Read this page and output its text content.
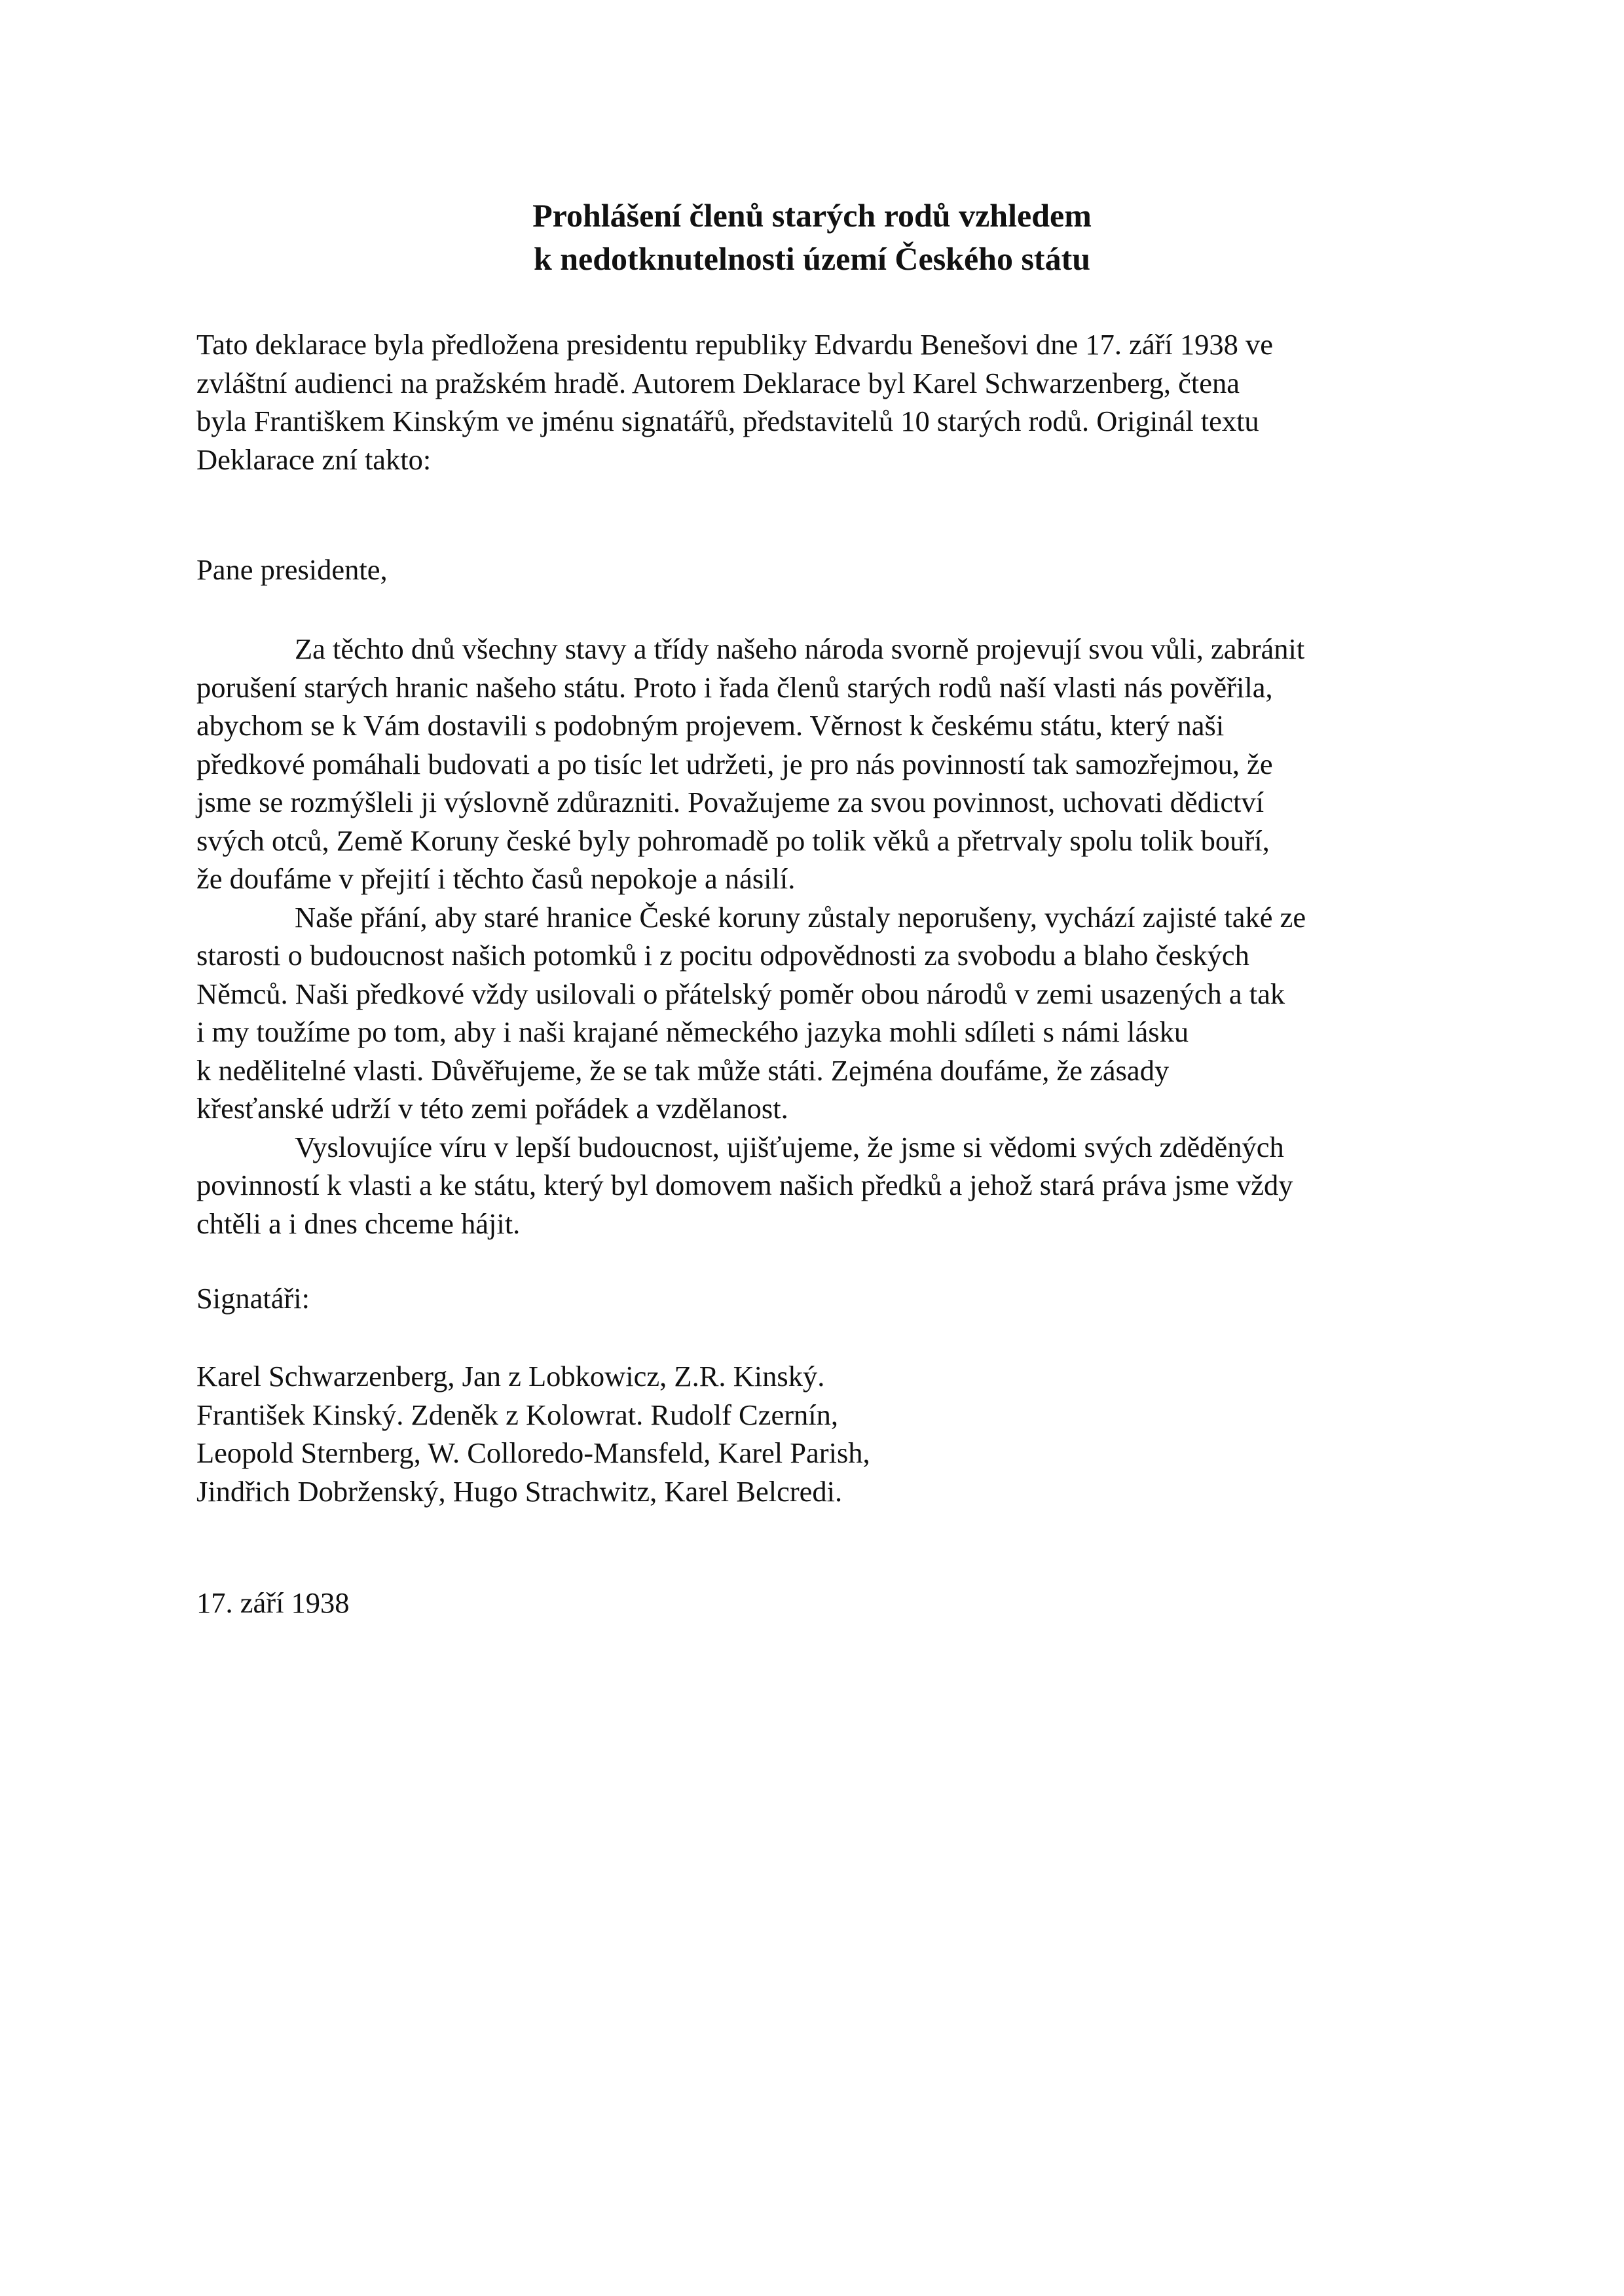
Prohlášení členů starých rodů vzhledem
k nedotknutelnosti území Českého státu
Tato deklarace byla předložena presidentu republiky Edvardu Benešovi dne 17. září 1938 ve
zvláštní audienci na pražském hradě. Autorem Deklarace byl Karel Schwarzenberg, čtena
byla Františkem Kinským ve jménu signatářů, představitelů 10 starých rodů. Originál textu
Deklarace zní takto:
Pane presidente,
Za těchto dnů všechny stavy a třídy našeho národa svorně projevují svou vůli, zabránit
porušení starých hranic našeho státu. Proto i řada členů starých rodů naší vlasti nás pověřila,
abychom se k Vám dostavili s podobným projevem. Věrnost k českému státu, který naši
předkové pomáhali budovati a po tisíc let udržeti, je pro nás povinností tak samozřejmou, že
jsme se rozmýšleli ji výslovně zdůrazniti. Považujeme za svou povinnost, uchovati dědictví
svých otců, Země Koruny české byly pohromadě po tolik věků a přetrvaly spolu tolik bouří,
že doufáme v přejití i těchto časů nepokoje a násilí.
Naše přání, aby staré hranice České koruny zůstaly neporušeny, vychází zajisté také ze
starosti o budoucnost našich potomků i z pocitu odpovědnosti za svobodu a blaho českých
Němců. Naši předkové vždy usilovali o přátelský poměr obou národů v zemi usazených a tak
i my toužíme po tom, aby i naši krajané německého jazyka mohli sdíleti s námi lásku
k nedělitelné vlasti. Důvěřujeme, že se tak může státi. Zejména doufáme, že zásady
křesťanské udrží v této zemi pořádek a vzdělanost.
Vyslovujíce víru v lepší budoucnost, ujišťujeme, že jsme si vědomi svých zděděných
povinností k vlasti a ke státu, který byl domovem našich předků a jehož stará práva jsme vždy
chtěli a i dnes chceme hájit.
Signatáři:
Karel Schwarzenberg, Jan z Lobkowicz, Z.R. Kinský.
František Kinský. Zdeněk z Kolowrat. Rudolf Czernín,
Leopold Sternberg, W. Colloredo-Mansfeld, Karel Parish,
Jindřich Dobrženský, Hugo Strachwitz, Karel Belcredi.
17. září 1938
